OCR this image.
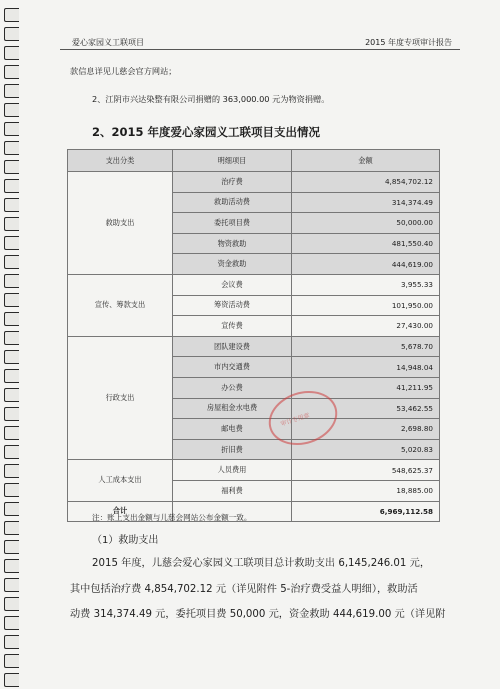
爱心家园义工联项目	2015 年度专项审计报告
款信息详见儿慈会官方网站；
2、江阴市兴达染整有限公司捐赠的 363,000.00 元为物资捐赠。
2、2015 年度爱心家园义工联项目支出情况
支出分类	明细项目	金额
救助支出	治疗费	4,854,702.12
	救助活动费	314,374.49
	委托项目费	50,000.00
	物资救助	481,550.40
	资金救助	444,619.00
宣传、筹款支出	会议费	3,955.33
	筹资活动费	101,950.00
	宣传费	27,430.00
行政支出	团队建设费	5,678.70
	市内交通费	14,948.04
	办公费	41,211.95
	房屋租金水电费	53,462.55
	邮电费	2,698.80
	折旧费	5,020.83
人工成本支出	人员费用	548,625.37
	福利费	18,885.00
合计		6,969,112.58
审计专用章
注：账上支出金额与儿慈会网站公布金额一致。
（1）救助支出
2015 年度，儿慈会爱心家园义工联项目总计救助支出 6,145,246.01 元，
其中包括治疗费 4,854,702.12 元（详见附件 5-治疗费受益人明细），救助活
动费 314,374.49 元，委托项目费 50,000 元，资金救助 444,619.00 元（详见附
